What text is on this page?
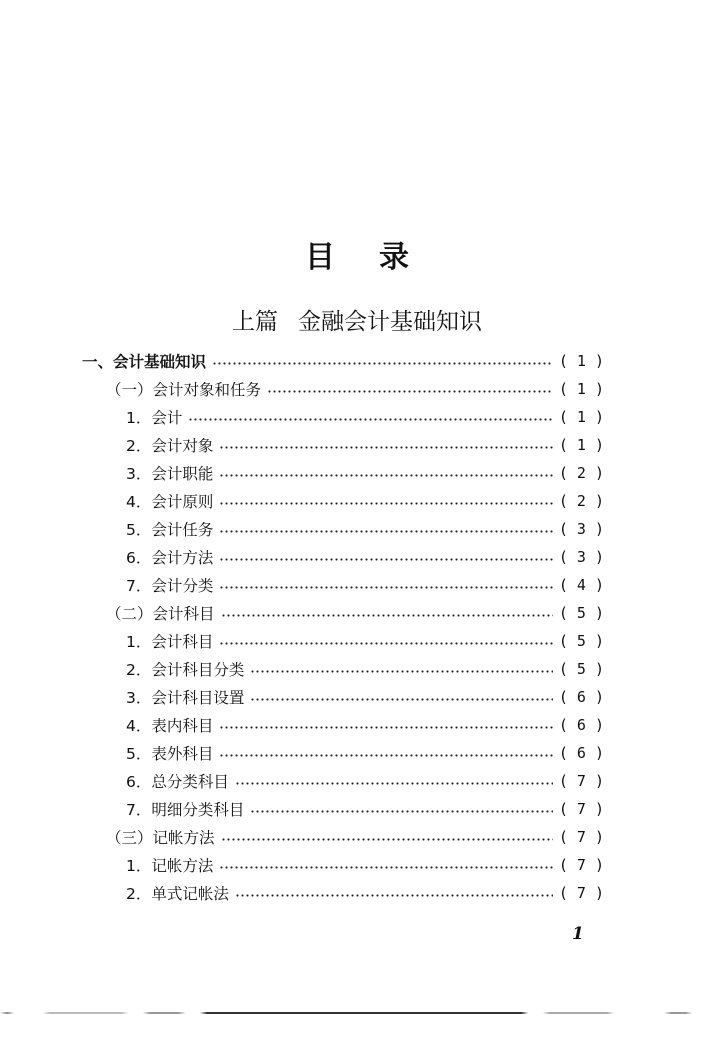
目 录
上篇 金融会计基础知识
一、会计基础知识	( 1 )
（一）会计对象和任务	( 1 )
1．会计	( 1 )
2．会计对象	( 1 )
3．会计职能	( 2 )
4．会计原则	( 2 )
5．会计任务	( 3 )
6．会计方法	( 3 )
7．会计分类	( 4 )
（二）会计科目	( 5 )
1．会计科目	( 5 )
2．会计科目分类	( 5 )
3．会计科目设置	( 6 )
4．表内科目	( 6 )
5．表外科目	( 6 )
6．总分类科目	( 7 )
7．明细分类科目	( 7 )
（三）记帐方法	( 7 )
1．记帐方法	( 7 )
2．单式记帐法	( 7 )
1
